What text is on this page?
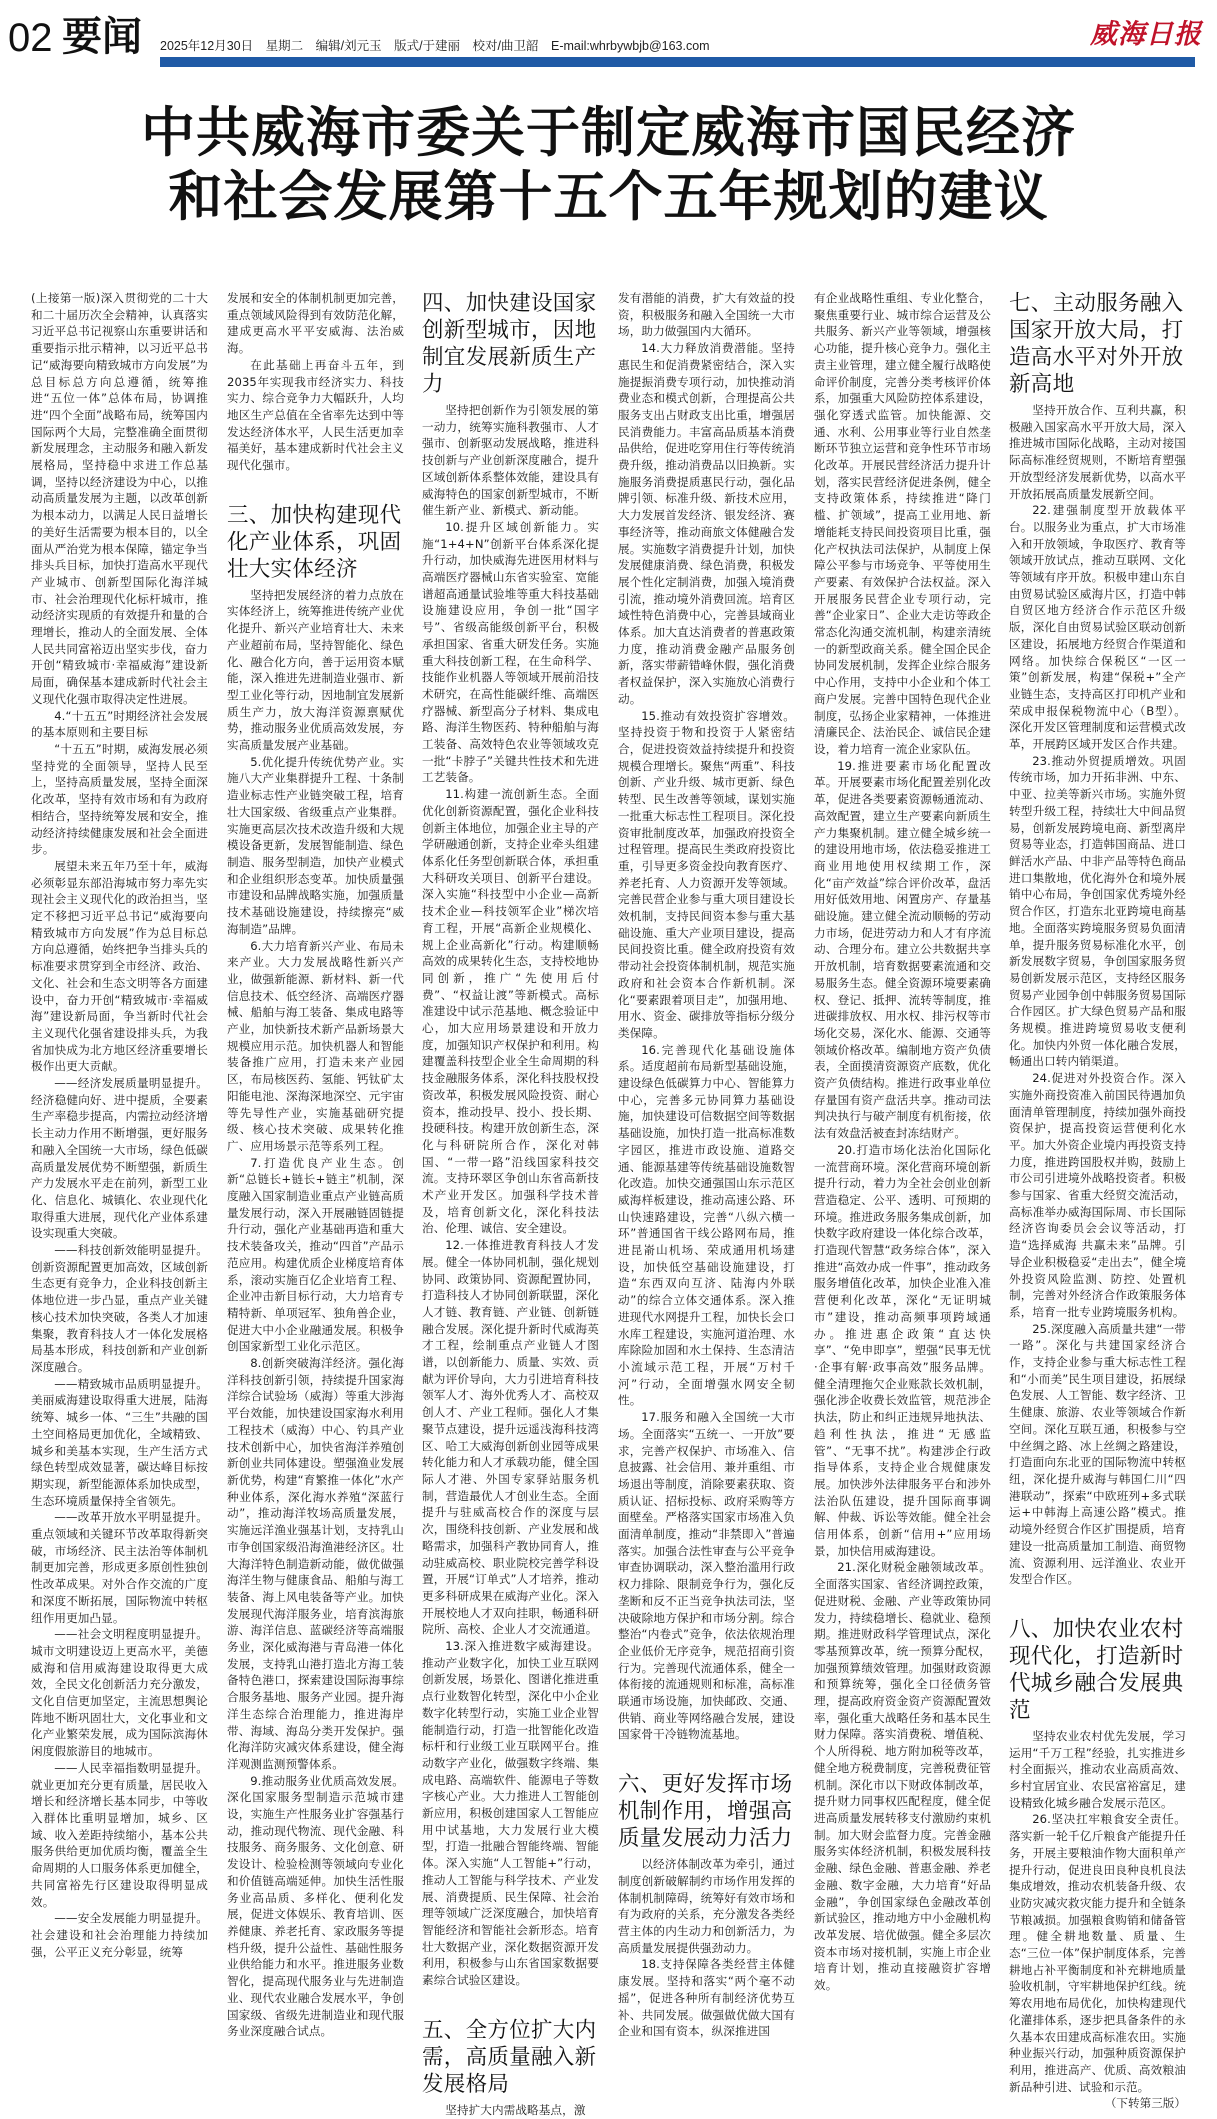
02 要闻 2025年12月30日 星期二 编辑/刘元玉 版式/于建丽 校对/曲卫韶 E-mail:whrbywbjb@163.com	威海日报
中共威海市委关于制定威海市国民经济
和社会发展第十五个五年规划的建议

(上接第一版)深入贯彻党的二十大和二十届历次全会精神，认真落实习近平总书记视察山东重要讲话和重要指示批示精神，以习近平总书记“威海要向精致城市方向发展”为总目标总方向总遵循，统筹推进“五位一体”总体布局，协调推进“四个全面”战略布局，统筹国内国际两个大局，完整准确全面贯彻新发展理念，主动服务和融入新发展格局，坚持稳中求进工作总基调，坚持以经济建设为中心，以推动高质量发展为主题，以改革创新为根本动力，以满足人民日益增长的美好生活需要为根本目的，以全面从严治党为根本保障，锚定争当排头兵目标，加快打造高水平现代产业城市、创新型国际化海洋城市、社会治理现代化标杆城市，推动经济实现质的有效提升和量的合理增长，推动人的全面发展、全体人民共同富裕迈出坚实步伐，奋力开创“精致城市·幸福威海”建设新局面，确保基本建成新时代社会主义现代化强市取得决定性进展。

4.“十五五”时期经济社会发展的基本原则和主要目标

“十五五”时期，威海发展必须坚持党的全面领导，坚持人民至上，坚持高质量发展，坚持全面深化改革，坚持有效市场和有为政府相结合，坚持统筹发展和安全，推动经济持续健康发展和社会全面进步。

展望未来五年乃至十年，威海必须彰显东部沿海城市努力率先实现社会主义现代化的政治担当，坚定不移把习近平总书记“威海要向精致城市方向发展”作为总目标总方向总遵循，始终把争当排头兵的标准要求贯穿到全市经济、政治、文化、社会和生态文明等各方面建设中，奋力开创“精致城市·幸福威海”建设新局面，争当新时代社会主义现代化强省建设排头兵，为我省加快成为北方地区经济重要增长极作出更大贡献。

——经济发展质量明显提升。经济稳健向好、进中提质，全要素生产率稳步提高，内需拉动经济增长主动力作用不断增强，更好服务和融入全国统一大市场，绿色低碳高质量发展优势不断塑强，新质生产力发展水平走在前列，新型工业化、信息化、城镇化、农业现代化取得重大进展，现代化产业体系建设实现重大突破。

——科技创新效能明显提升。创新资源配置更加高效，区域创新生态更有竞争力，企业科技创新主体地位进一步凸显，重点产业关键核心技术加快突破，各类人才加速集聚，教育科技人才一体化发展格局基本形成，科技创新和产业创新深度融合。

——精致城市品质明显提升。美丽威海建设取得重大进展，陆海统筹、城乡一体、“三生”共融的国土空间格局更加优化，全域精致、城乡和美基本实现，生产生活方式绿色转型成效显著，碳达峰目标按期实现，新型能源体系加快成型，生态环境质量保持全省领先。

——改革开放水平明显提升。重点领域和关键环节改革取得新突破，市场经济、民主法治等体制机制更加完善，形成更多原创性独创性改革成果。对外合作交流的广度和深度不断拓展，国际物流中转枢纽作用更加凸显。

——社会文明程度明显提升。城市文明建设迈上更高水平，美德威海和信用威海建设取得更大成效，全民文化创新活力充分激发，文化自信更加坚定，主流思想舆论阵地不断巩固壮大，文化事业和文化产业繁荣发展，成为国际滨海休闲度假旅游目的地城市。

——人民幸福指数明显提升。就业更加充分更有质量，居民收入增长和经济增长基本同步，中等收入群体比重明显增加，城乡、区域、收入差距持续缩小，基本公共服务供给更加优质均衡，覆盖全生命周期的人口服务体系更加健全，共同富裕先行区建设取得明显成效。

——安全发展能力明显提升。社会建设和社会治理能力持续加强，公平正义充分彰显，统筹

发展和安全的体制机制更加完善，重点领域风险得到有效防范化解，建成更高水平平安威海、法治威海。

在此基础上再奋斗五年，到2035年实现我市经济实力、科技实力、综合竞争力大幅跃升，人均地区生产总值在全省率先达到中等发达经济体水平，人民生活更加幸福美好，基本建成新时代社会主义现代化强市。

三、加快构建现代化产业体系，巩固壮大实体经济

坚持把发展经济的着力点放在实体经济上，统筹推进传统产业优化提升、新兴产业培育壮大、未来产业超前布局，坚持智能化、绿色化、融合化方向，善于运用资本赋能，深入推进先进制造业强市、新型工业化等行动，因地制宜发展新质生产力，放大海洋资源禀赋优势，推动服务业优质高效发展，夯实高质量发展产业基础。

5.优化提升传统优势产业。实施八大产业集群提升工程、十条制造业标志性产业链突破工程，培育壮大国家级、省级重点产业集群。实施更高层次技术改造升级和大规模设备更新，发展智能制造、绿色制造、服务型制造，加快产业模式和企业组织形态变革。加快质量强市建设和品牌战略实施，加强质量技术基础设施建设，持续擦亮“威海制造”品牌。

6.大力培育新兴产业、布局未来产业。大力发展战略性新兴产业，做强新能源、新材料、新一代信息技术、低空经济、高端医疗器械、船舶与海工装备、集成电路等产业，加快新技术新产品新场景大规模应用示范。加快机器人和智能装备推广应用，打造未来产业园区，布局核医药、氢能、钙钛矿太阳能电池、深海深地深空、元宇宙等先导性产业，实施基础研究提级、核心技术突破、成果转化推广、应用场景示范等系列工程。

7.打造优良产业生态。创新“总链长+链长+链主”机制，深度融入国家制造业重点产业链高质量发展行动，深入开展融链固链提升行动，强化产业基础再造和重大技术装备攻关，推动“四首”产品示范应用。构建优质企业梯度培育体系，滚动实施百亿企业培育工程、企业冲击新目标行动，大力培育专精特新、单项冠军、独角兽企业，促进大中小企业融通发展。积极争创国家新型工业化示范区。

8.创新突破海洋经济。强化海洋科技创新引领，持续提升国家海洋综合试验场（威海）等重大涉海平台效能，加快建设国家海水利用工程技术（威海）中心、钓具产业技术创新中心，加快省海洋养殖创新创业共同体建设。塑强渔业发展新优势，构建“育繁推一体化”水产种业体系，深化海水养殖“深蓝行动”，推动海洋牧场高质量发展，实施远洋渔业强基计划，支持乳山市争创国家级沿海渔港经济区。壮大海洋特色制造新动能，做优做强海洋生物与健康食品、船舶与海工装备、海上风电装备等产业。加快发展现代海洋服务业，培育滨海旅游、海洋信息、蓝碳经济等高端服务业，深化威海港与青岛港一体化发展，支持乳山港打造北方海工装备特色港口，探索建设国际海事综合服务基地、服务产业园。提升海洋生态综合治理能力，推进海岸带、海域、海岛分类开发保护。强化海洋防灾减灾体系建设，健全海洋观测监测预警体系。

9.推动服务业优质高效发展。深化国家服务型制造示范城市建设，实施生产性服务业扩容强基行动，推动现代物流、现代金融、科技服务、商务服务、文化创意、研发设计、检验检测等领域向专业化和价值链高端延伸。加快生活性服务业高品质、多样化、便利化发展，促进文体娱乐、教育培训、医养健康、养老托育、家政服务等提档升级，提升公益性、基础性服务业供给能力和水平。推进服务业数智化，提高现代服务业与先进制造业、现代农业融合发展水平，争创国家级、省级先进制造业和现代服务业深度融合试点。

四、加快建设国家创新型城市，因地制宜发展新质生产力

坚持把创新作为引领发展的第一动力，统筹实施科教强市、人才强市、创新驱动发展战略，推进科技创新与产业创新深度融合，提升区域创新体系整体效能，建设具有威海特色的国家创新型城市，不断催生新产业、新模式、新动能。

10.提升区域创新能力。实施“1+4+N”创新平台体系深化提升行动，加快威海先进医用材料与高端医疗器械山东省实验室、宽能谱超高通量试验堆等重大科技基础设施建设应用，争创一批“国字号”、省级高能级创新平台，积极承担国家、省重大研发任务。实施重大科技创新工程，在生命科学、技能作业机器人等领域开展前沿技术研究，在高性能碳纤维、高端医疗器械、新型高分子材料、集成电路、海洋生物医药、特种船舶与海工装备、高效特色农业等领域攻克一批“卡脖子”关键共性技术和先进工艺装备。

11.构建一流创新生态。全面优化创新资源配置，强化企业科技创新主体地位，加强企业主导的产学研融通创新，支持企业牵头组建体系化任务型创新联合体，承担重大科研攻关项目、创新平台建设。深入实施“科技型中小企业—高新技术企业—科技领军企业”梯次培育工程，开展“高新企业规模化、规上企业高新化”行动。构建顺畅高效的成果转化生态，支持校地协同创新，推广“先使用后付费”、“权益让渡”等新模式。高标准建设中试示范基地、概念验证中心，加大应用场景建设和开放力度，加强知识产权保护和利用。构建覆盖科技型企业全生命周期的科技金融服务体系，深化科技股权投资改革，积极发展风险投资、耐心资本，推动投早、投小、投长期、投硬科技。构建开放创新生态，深化与科研院所合作，深化对韩国、“一带一路”沿线国家科技交流。支持环翠区争创山东省高新技术产业开发区。加强科学技术普及，培育创新文化，深化科技法治、伦理、诚信、安全建设。

12.一体推进教育科技人才发展。健全一体协同机制，强化规划协同、政策协同、资源配置协同，打造科技人才协同创新联盟，深化人才链、教育链、产业链、创新链融合发展。深化提升新时代威海英才工程，绘制重点产业链人才图谱，以创新能力、质量、实效、贡献为评价导向，大力引进培育科技领军人才、海外优秀人才、高校双创人才、产业工程师。强化人才集聚节点建设，提升远遥浅海科技湾区、哈工大威海创新创业园等成果转化能力和人才承载功能，健全国际人才港、外国专家驿站服务机制，营造最优人才创业生态。全面提升与驻威高校合作的深度与层次，围绕科技创新、产业发展和战略需求，加强科产教协同育人，推动驻威高校、职业院校完善学科设置，开展“订单式”人才培养，推动更多科研成果在威海产业化。深入开展校地人才双向挂职，畅通科研院所、高校、企业人才交流通道。

13.深入推进数字威海建设。推动产业数字化，加快工业互联网创新发展，场景化、图谱化推进重点行业数智化转型，深化中小企业数字化转型行动，实施工业企业智能制造行动，打造一批智能化改造标杆和行业级工业互联网平台。推动数字产业化，做强数字终端、集成电路、高端软件、能源电子等数字核心产业。大力推进人工智能创新应用，积极创建国家人工智能应用中试基地，大力发展行业大模型，打造一批融合智能终端、智能体。深入实施“人工智能+”行动，推动人工智能与科学技术、产业发展、消费提质、民生保障、社会治理等领域广泛深度融合，加快培育智能经济和智能社会新形态。培育壮大数据产业，深化数据资源开发利用，积极参与山东省国家数据要素综合试验区建设。

五、全方位扩大内需，高质量融入新发展格局

坚持扩大内需战略基点，激

发有潜能的消费，扩大有效益的投资，积极服务和融入全国统一大市场，助力做强国内大循环。

14.大力释放消费潜能。坚持惠民生和促消费紧密结合，深入实施提振消费专项行动，加快推动消费业态和模式创新，合理提高公共服务支出占财政支出比重，增强居民消费能力。丰富高品质基本消费品供给，促进吃穿用住行等传统消费升级，推动消费品以旧换新。实施服务消费提质惠民行动，强化品牌引领、标准升级、新技术应用，大力发展首发经济、银发经济、赛事经济等，推动商旅文体健融合发展。实施数字消费提升计划，加快发展健康消费、绿色消费，积极发展个性化定制消费，加强入境消费引流，推动境外消费回流。培育区域性特色消费中心，完善县域商业体系。加大直达消费者的普惠政策力度，推动消费金融产品服务创新，落实带薪错峰休假，强化消费者权益保护，深入实施放心消费行动。

15.推动有效投资扩容增效。坚持投资于物和投资于人紧密结合，促进投资效益持续提升和投资规模合理增长。聚焦“两重”、科技创新、产业升级、城市更新、绿色转型、民生改善等领域，谋划实施一批重大标志性工程项目。深化投资审批制度改革，加强政府投资全过程管理。提高民生类政府投资比重，引导更多资金投向教育医疗、养老托育、人力资源开发等领域。完善民营企业参与重大项目建设长效机制，支持民间资本参与重大基础设施、重大产业项目建设，提高民间投资比重。健全政府投资有效带动社会投资体制机制，规范实施政府和社会资本合作新机制。深化“要素跟着项目走”，加强用地、用水、资金、碳排放等指标分级分类保障。

16.完善现代化基础设施体系。适度超前布局新型基础设施，建设绿色低碳算力中心、智能算力中心，完善多元协同算力基础设施，加快建设可信数据空间等数据基础设施，加快打造一批高标准数字园区，推进市政设施、道路交通、能源基建等传统基础设施数智化改造。加快交通强国山东示范区威海样板建设，推动高速公路、环山快速路建设，完善“八纵六横一环”普通国省干线公路网布局，推进昆嵛山机场、荣成通用机场建设，加快低空基础设施建设，打造“东西双向互济、陆海内外联动”的综合立体交通体系。深入推进现代水网提升工程，加快长会口水库工程建设，实施河道治理、水库除险加固和水土保持、生态清洁小流域示范工程，开展“万村千河”行动，全面增强水网安全韧性。

17.服务和融入全国统一大市场。全面落实“五统一、一开放”要求，完善产权保护、市场准入、信息披露、社会信用、兼并重组、市场退出等制度，消除要素获取、资质认证、招标投标、政府采购等方面壁垒。严格落实国家市场准入负面清单制度，推动“非禁即入”普遍落实。加强合法性审查与公平竞争审查协调联动，深入整治滥用行政权力排除、限制竞争行为，强化反垄断和反不正当竞争执法司法，坚决破除地方保护和市场分割。综合整治“内卷式”竞争，依法依规治理企业低价无序竞争，规范招商引资行为。完善现代流通体系，健全一体衔接的流通规则和标准，高标准联通市场设施，加快邮政、交通、供销、商业等网络融合发展，建设国家骨干冷链物流基地。

六、更好发挥市场机制作用，增强高质量发展动力活力

以经济体制改革为牵引，通过制度创新破解制约市场作用发挥的体制机制障碍，统筹好有效市场和有为政府的关系，充分激发各类经营主体的内生动力和创新活力，为高质量发展提供强劲动力。

18.支持保障各类经营主体健康发展。坚持和落实“两个毫不动摇”，促进各种所有制经济优势互补、共同发展。做强做优做大国有企业和国有资本，纵深推进国

有企业战略性重组、专业化整合，聚焦重要行业、城市综合运营及公共服务、新兴产业等领域，增强核心功能，提升核心竞争力。强化主责主业管理，建立健全履行战略使命评价制度，完善分类考核评价体系，加强重大风险防控体系建设，强化穿透式监管。加快能源、交通、水利、公用事业等行业自然垄断环节独立运营和竞争性环节市场化改革。开展民营经济活力提升计划，落实民营经济促进条例，健全支持政策体系，持续推进“降门槛、扩领域”，提高工业用地、新增能耗支持民间投资项目比重，强化产权执法司法保护，从制度上保障公平参与市场竞争、平等使用生产要素、有效保护合法权益。深入开展服务民营企业专项行动，完善“企业家日”、企业大走访等政企常态化沟通交流机制，构建亲清统一的新型政商关系。健全国企民企协同发展机制，发挥企业综合服务中心作用，支持中小企业和个体工商户发展。完善中国特色现代企业制度，弘扬企业家精神，一体推进清廉民企、法治民企、诚信民企建设，着力培育一流企业家队伍。

19.推进要素市场化配置改革。开展要素市场化配置差别化改革，促进各类要素资源畅通流动、高效配置，建立生产要素向新质生产力集聚机制。建立健全城乡统一的建设用地市场，依法稳妥推进工商业用地使用权续期工作，深化“亩产效益”综合评价改革，盘活用好低效用地、闲置房产、存量基础设施。建立健全流动顺畅的劳动力市场，促进劳动力和人才有序流动、合理分布。建立公共数据共享开放机制，培育数据要素流通和交易服务生态。健全资源环境要素确权、登记、抵押、流转等制度，推进碳排放权、用水权、排污权等市场化交易，深化水、能源、交通等领域价格改革。编制地方资产负债表，全面摸清资源资产底数，优化资产负债结构。推进行政事业单位存量国有资产盘活共享。推动司法判决执行与破产制度有机衔接，依法有效盘活被查封冻结财产。

20.打造市场化法治化国际化一流营商环境。深化营商环境创新提升行动，着力为全社会创业创新营造稳定、公平、透明、可预期的环境。推进政务服务集成创新，加快数字政府建设一体化综合改革，打造现代智慧“政务综合体”，深入推进“高效办成一件事”，推动政务服务增值化改革，加快企业准入准营便利化改革，深化“无证明城市”建设，推动高频事项跨域通办。推进惠企政策“直达快享”、“免申即享”，塑强“民事无忧·企事有解·政事高效”服务品牌。健全清理拖欠企业账款长效机制，强化涉企收费长效监管，规范涉企执法，防止和纠正违规异地执法、趋利性执法，推进“无感监管”、“无事不扰”。构建涉企行政指导体系，支持企业合规健康发展。加快涉外法律服务平台和涉外法治队伍建设，提升国际商事调解、仲裁、诉讼等效能。健全社会信用体系，创新“信用+”应用场景，加快信用威海建设。

21.深化财税金融领域改革。全面落实国家、省经济调控政策，促进财税、金融、产业等政策协同发力，持续稳增长、稳就业、稳预期。推进财政科学管理试点，深化零基预算改革，统一预算分配权，加强预算绩效管理。加强财政资源和预算统筹，强化全口径债务管理，提高政府资金资产资源配置效率，强化重大战略任务和基本民生财力保障。落实消费税、增值税、个人所得税、地方附加税等改革，健全地方税费制度，完善税费征管机制。深化市以下财政体制改革，提升财力同事权匹配程度，健全促进高质量发展转移支付激励约束机制。加大财会监督力度。完善金融服务实体经济机制，积极发展科技金融、绿色金融、普惠金融、养老金融、数字金融，大力培育“好品金融”，争创国家绿色金融改革创新试验区，推动地方中小金融机构改革发展、培优做强。健全多层次资本市场对接机制，实施上市企业培育计划，推动直接融资扩容增效。

七、主动服务融入国家开放大局，打造高水平对外开放新高地

坚持开放合作、互利共赢，积极融入国家高水平开放大局，深入推进城市国际化战略，主动对接国际高标准经贸规则，不断培育塑强开放型经济发展新优势，以高水平开放拓展高质量发展新空间。

22.建强制度型开放载体平台。以服务业为重点，扩大市场准入和开放领域，争取医疗、教育等领域开放试点，推动互联网、文化等领域有序开放。积极申建山东自由贸易试验区威海片区，打造中韩自贸区地方经济合作示范区升级版，深化自由贸易试验区联动创新区建设，拓展地方经贸合作渠道和网络。加快综合保税区“一区一策”创新发展，构建“保税+”全产业链生态，支持高区打印机产业和荣成申报保税物流中心（B型）。深化开发区管理制度和运营模式改革，开展跨区域开发区合作共建。

23.推动外贸提质增效。巩固传统市场，加力开拓非洲、中东、中亚、拉美等新兴市场。实施外贸转型升级工程，持续壮大中间品贸易，创新发展跨境电商、新型离岸贸易等业态，打造韩国商品、进口鲜活水产品、中非产品等特色商品进口集散地，优化海外仓和境外展销中心布局，争创国家优秀境外经贸合作区，打造东北亚跨境电商基地。全面落实跨境服务贸易负面清单，提升服务贸易标准化水平，创新发展数字贸易，争创国家服务贸易创新发展示范区，支持经区服务贸易产业园争创中韩服务贸易国际合作园区。扩大绿色贸易产品和服务规模。推进跨境贸易收支便利化。加快内外贸一体化融合发展，畅通出口转内销渠道。

24.促进对外投资合作。深入实施外商投资准入前国民待遇加负面清单管理制度，持续加强外商投资保护，提高投资运营便利化水平。加大外资企业境内再投资支持力度，推进跨国股权并购，鼓励上市公司引进境外战略投资者。积极参与国家、省重大经贸交流活动，高标准举办威海国际周、市长国际经济咨询委员会会议等活动，打造“选择威海 共赢未来”品牌。引导企业积极稳妥“走出去”，健全境外投资风险监测、防控、处置机制，完善对外经济合作政策服务体系，培育一批专业跨境服务机构。

25.深度融入高质量共建“一带一路”。深化与共建国家经济合作，支持企业参与重大标志性工程和“小而美”民生项目建设，拓展绿色发展、人工智能、数字经济、卫生健康、旅游、农业等领域合作新空间。深化互联互通，积极参与空中丝绸之路、冰上丝绸之路建设，打造面向东北亚的国际物流中转枢纽，深化提升威海与韩国仁川“四港联动”，探索“中欧班列+多式联运+中韩海上高速公路”模式。推动境外经贸合作区扩围提质，培育建设一批高质量加工制造、商贸物流、资源利用、远洋渔业、农业开发型合作区。

八、加快农业农村现代化，打造新时代城乡融合发展典范

坚持农业农村优先发展，学习运用“千万工程”经验，扎实推进乡村全面振兴，推动农业高质高效、乡村宜居宜业、农民富裕富足，建设精致化城乡融合发展示范区。

26.坚决扛牢粮食安全责任。落实新一轮千亿斤粮食产能提升任务，开展主要粮油作物大面积单产提升行动，促进良田良种良机良法集成增效，推动农机装备升级、农业防灾减灾救灾能力提升和全链条节粮减损。加强粮食购销和储备管理。健全耕地数量、质量、生态“三位一体”保护制度体系，完善耕地占补平衡制度和补充耕地质量验收机制，守牢耕地保护红线。统筹农用地布局优化，加快构建现代化灌排体系，逐步把具备条件的永久基本农田建成高标准农田。实施种业振兴行动，加强种质资源保护利用，推进高产、优质、高效粮油新品种引进、试验和示范。

（下转第三版）
